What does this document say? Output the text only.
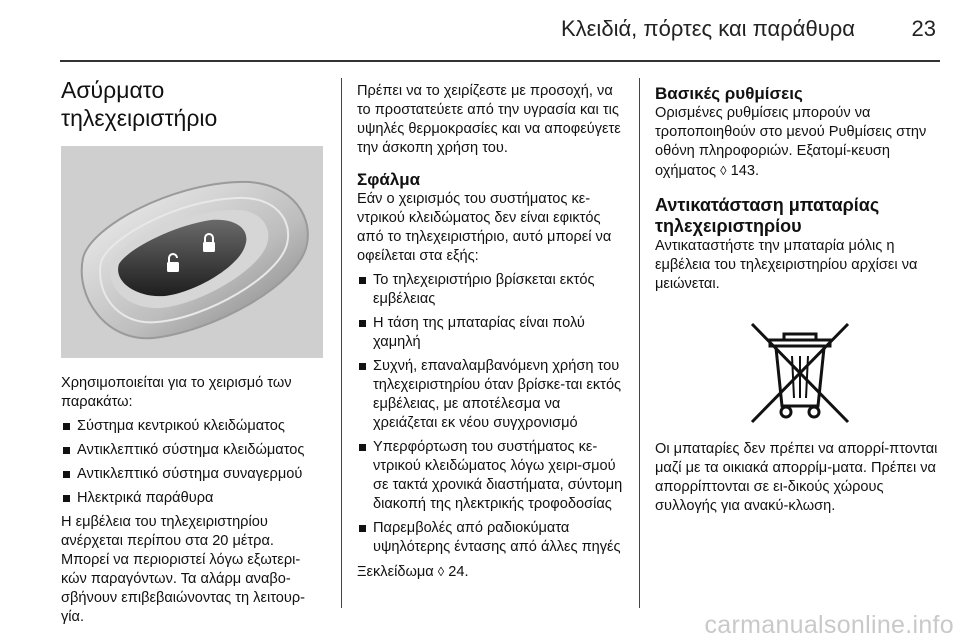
Κλειδιά, πόρτες και παράθυρα	23
Ασύρματο τηλεχειριστήριο

Χρησιμοποιείται για το χειρισμό των παρακάτω:

Σύστημα κεντρικού κλειδώματος
Αντικλεπτικό σύστημα κλειδώματος
Αντικλεπτικό σύστημα συναγερμού
Ηλεκτρικά παράθυρα

Η εμβέλεια του τηλεχειριστηρίου ανέρχεται περίπου στα 20 μέτρα. Μπορεί να περιοριστεί λόγω εξωτερι-κών παραγόντων. Τα αλάρμ αναβο-σβήνουν επιβεβαιώνοντας τη λειτουρ-γία.

Πρέπει να το χειρίζεστε με προσοχή, να το προστατεύετε από την υγρασία και τις υψηλές θερμοκρασίες και να αποφεύγετε την άσκοπη χρήση του.

Σφάλμα

Εάν ο χειρισμός του συστήματος κε-ντρικού κλειδώματος δεν είναι εφικτός από το τηλεχειριστήριο, αυτό μπορεί να οφείλεται στα εξής:

Το τηλεχειριστήριο βρίσκεται εκτός εμβέλειας
Η τάση της μπαταρίας είναι πολύ χαμηλή
Συχνή, επαναλαμβανόμενη χρήση του τηλεχειριστηρίου όταν βρίσκε-ται εκτός εμβέλειας, με αποτέλεσμα να χρειάζεται εκ νέου συγχρονισμό
Υπερφόρτωση του συστήματος κε-ντρικού κλειδώματος λόγω χειρι-σμού σε τακτά χρονικά διαστήματα, σύντομη διακοπή της ηλεκτρικής τροφοδοσίας
Παρεμβολές από ραδιοκύματα υψηλότερης έντασης από άλλες πηγές

Ξεκλείδωμα ◊ 24.

Βασικές ρυθμίσεις

Ορισμένες ρυθμίσεις μπορούν να τροποποιηθούν στο μενού Ρυθμίσεις στην οθόνη πληροφοριών. Εξατομί-κευση οχήματος ◊ 143.

Αντικατάσταση μπαταρίας
τηλεχειριστηρίου

Αντικαταστήστε την μπαταρία μόλις η εμβέλεια του τηλεχειριστηρίου αρχίσει να μειώνεται.

Οι μπαταρίες δεν πρέπει να απορρί-πτονται μαζί με τα οικιακά απορρίμ-ματα. Πρέπει να απορρίπτονται σε ει-δικούς χώρους συλλογής για ανακύ-κλωση.

carmanualsonline.info
